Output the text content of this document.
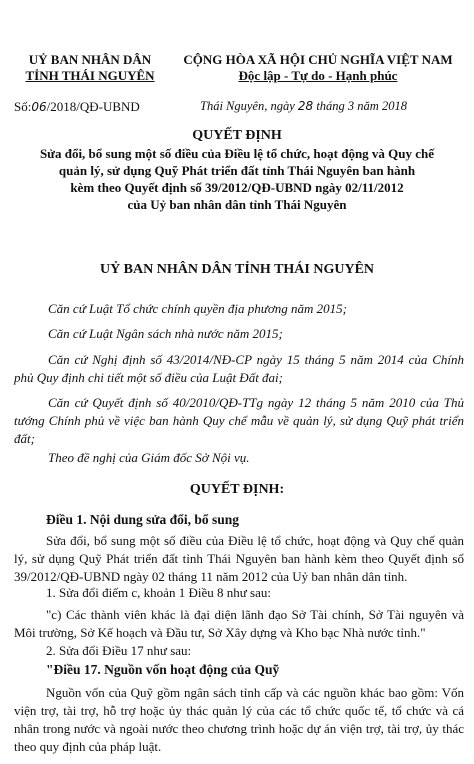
UỶ BAN NHÂN DÂN
TỈNH THÁI NGUYÊN
CỘNG HÒA XÃ HỘI CHỦ NGHĨA VIỆT NAM
Độc lập - Tự do - Hạnh phúc
Số:06/2018/QĐ-UBND	Thái Nguyên, ngày 28 tháng 3 năm 2018
QUYẾT ĐỊNH
Sửa đổi, bổ sung một số điều của Điều lệ tổ chức, hoạt động và Quy chế
quản lý, sử dụng Quỹ Phát triển đất tỉnh Thái Nguyên ban hành
kèm theo Quyết định số 39/2012/QĐ-UBND ngày 02/11/2012
của Uỷ ban nhân dân tỉnh Thái Nguyên
UỶ BAN NHÂN DÂN TỈNH THÁI NGUYÊN
Căn cứ Luật Tổ chức chính quyền địa phương năm 2015;
Căn cứ Luật Ngân sách nhà nước năm 2015;
Căn cứ Nghị định số 43/2014/NĐ-CP ngày 15 tháng 5 năm 2014 của Chính phủ Quy định chi tiết một số điều của Luật Đất đai;
Căn cứ Quyết định số 40/2010/QĐ-TTg ngày 12 tháng 5 năm 2010 của Thủ tướng Chính phủ về việc ban hành Quy chế mẫu về quản lý, sử dụng Quỹ phát triển đất;
Theo đề nghị của Giám đốc Sở Nội vụ.
QUYẾT ĐỊNH:
Điều 1. Nội dung sửa đổi, bổ sung
Sửa đổi, bổ sung một số điều của Điều lệ tổ chức, hoạt động và Quy chế quản lý, sử dụng Quỹ Phát triển đất tỉnh Thái Nguyên ban hành kèm theo Quyết định số 39/2012/QĐ-UBND ngày 02 tháng 11 năm 2012 của Uỷ ban nhân dân tỉnh.
1. Sửa đổi điểm c, khoản 1 Điều 8 như sau:
"c) Các thành viên khác là đại diện lãnh đạo Sở Tài chính, Sở Tài nguyên và Môi trường, Sở Kế hoạch và Đầu tư, Sở Xây dựng và Kho bạc Nhà nước tỉnh."
2. Sửa đổi Điều 17 như sau:
"Điều 17. Nguồn vốn hoạt động của Quỹ
Nguồn vốn của Quỹ gồm ngân sách tỉnh cấp và các nguồn khác bao gồm: Vốn viện trợ, tài trợ, hỗ trợ hoặc ủy thác quản lý của các tổ chức quốc tế, tổ chức và cá nhân trong nước và ngoài nước theo chương trình hoặc dự án viện trợ, tài trợ, ủy thác theo quy định của pháp luật.
